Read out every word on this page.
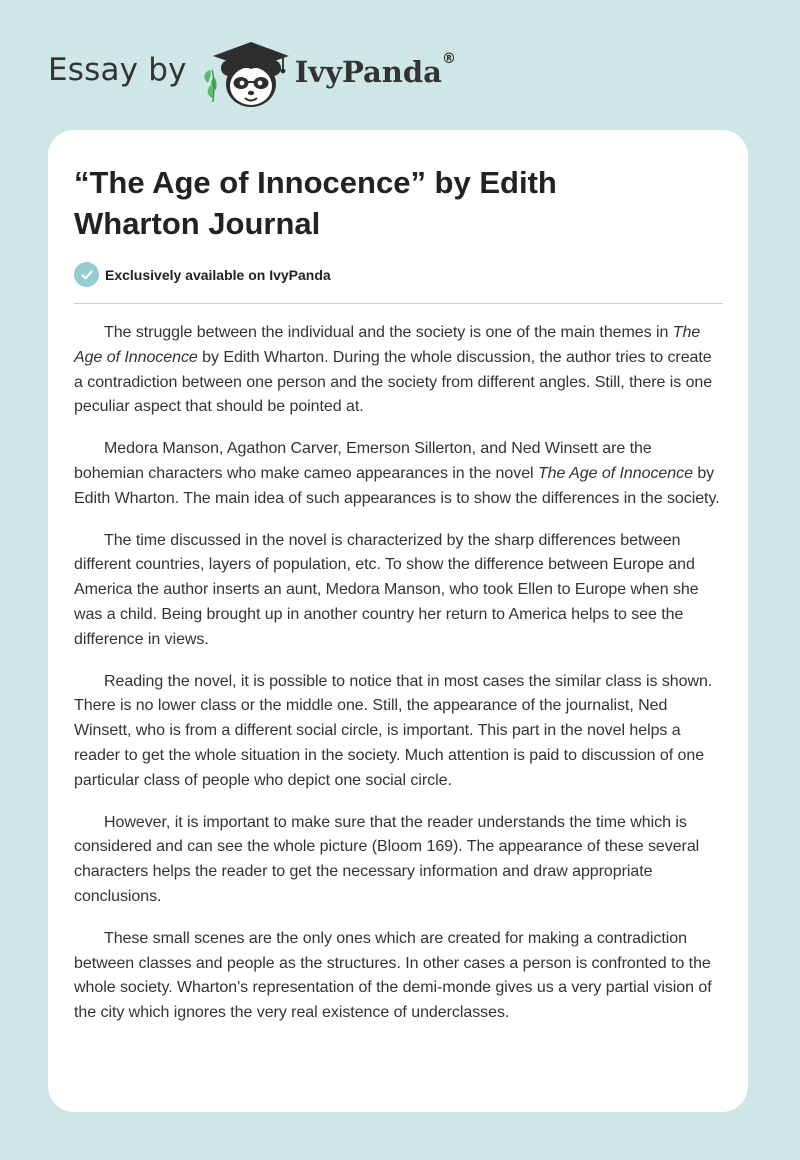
Essay by	IvyPanda®
“The Age of Innocence” by Edith Wharton Journal
Exclusively available on IvyPanda

The struggle between the individual and the society is one of the main themes in The Age of Innocence by Edith Wharton. During the whole discussion, the author tries to create a contradiction between one person and the society from different angles. Still, there is one peculiar aspect that should be pointed at.

Medora Manson, Agathon Carver, Emerson Sillerton, and Ned Winsett are the bohemian characters who make cameo appearances in the novel The Age of Innocence by Edith Wharton. The main idea of such appearances is to show the differences in the society.

The time discussed in the novel is characterized by the sharp differences between different countries, layers of population, etc. To show the difference between Europe and America the author inserts an aunt, Medora Manson, who took Ellen to Europe when she was a child. Being brought up in another country her return to America helps to see the difference in views.

Reading the novel, it is possible to notice that in most cases the similar class is shown. There is no lower class or the middle one. Still, the appearance of the journalist, Ned Winsett, who is from a different social circle, is important. This part in the novel helps a reader to get the whole situation in the society. Much attention is paid to discussion of one particular class of people who depict one social circle.

However, it is important to make sure that the reader understands the time which is considered and can see the whole picture (Bloom 169). The appearance of these several characters helps the reader to get the necessary information and draw appropriate conclusions.

These small scenes are the only ones which are created for making a contradiction between classes and people as the structures. In other cases a person is confronted to the whole society. Wharton's representation of the demi-monde gives us a very partial vision of the city which ignores the very real existence of underclasses.
